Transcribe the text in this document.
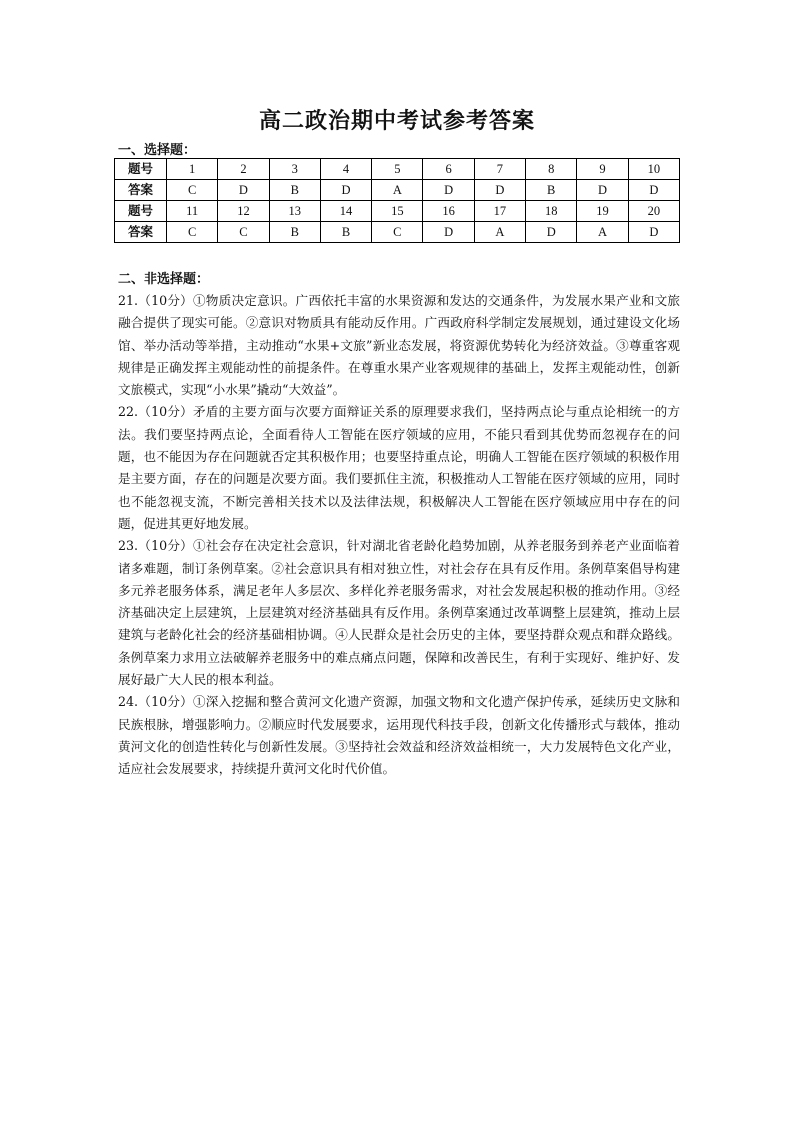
高二政治期中考试参考答案
一、选择题：
题号	1	2	3	4	5	6	7	8	9	10
答案	C	D	B	D	A	D	D	B	D	D
题号	11	12	13	14	15	16	17	18	19	20
答案	C	C	B	B	C	D	A	D	A	D
二、非选择题：

21.（10分）①物质决定意识。广西依托丰富的水果资源和发达的交通条件，为发展水果产业和文旅融合提供了现实可能。②意识对物质具有能动反作用。广西政府科学制定发展规划，通过建设文化场馆、举办活动等举措，主动推动“水果+文旅”新业态发展，将资源优势转化为经济效益。③尊重客观规律是正确发挥主观能动性的前提条件。在尊重水果产业客观规律的基础上，发挥主观能动性，创新文旅模式，实现“小水果”撬动“大效益”。

22.（10分）矛盾的主要方面与次要方面辩证关系的原理要求我们，坚持两点论与重点论相统一的方法。我们要坚持两点论，全面看待人工智能在医疗领域的应用，不能只看到其优势而忽视存在的问题，也不能因为存在问题就否定其积极作用；也要坚持重点论，明确人工智能在医疗领域的积极作用是主要方面，存在的问题是次要方面。我们要抓住主流，积极推动人工智能在医疗领域的应用，同时也不能忽视支流，不断完善相关技术以及法律法规，积极解决人工智能在医疗领域应用中存在的问题，促进其更好地发展。

23.（10分）①社会存在决定社会意识，针对湖北省老龄化趋势加剧，从养老服务到养老产业面临着诸多难题，制订条例草案。②社会意识具有相对独立性，对社会存在具有反作用。条例草案倡导构建多元养老服务体系，满足老年人多层次、多样化养老服务需求，对社会发展起积极的推动作用。③经济基础决定上层建筑，上层建筑对经济基础具有反作用。条例草案通过改革调整上层建筑，推动上层建筑与老龄化社会的经济基础相协调。④人民群众是社会历史的主体，要坚持群众观点和群众路线。条例草案力求用立法破解养老服务中的难点痛点问题，保障和改善民生，有利于实现好、维护好、发展好最广大人民的根本利益。

24.（10分）①深入挖掘和整合黄河文化遗产资源，加强文物和文化遗产保护传承，延续历史文脉和民族根脉，增强影响力。②顺应时代发展要求，运用现代科技手段，创新文化传播形式与载体，推动黄河文化的创造性转化与创新性发展。③坚持社会效益和经济效益相统一，大力发展特色文化产业，适应社会发展要求，持续提升黄河文化时代价值。
